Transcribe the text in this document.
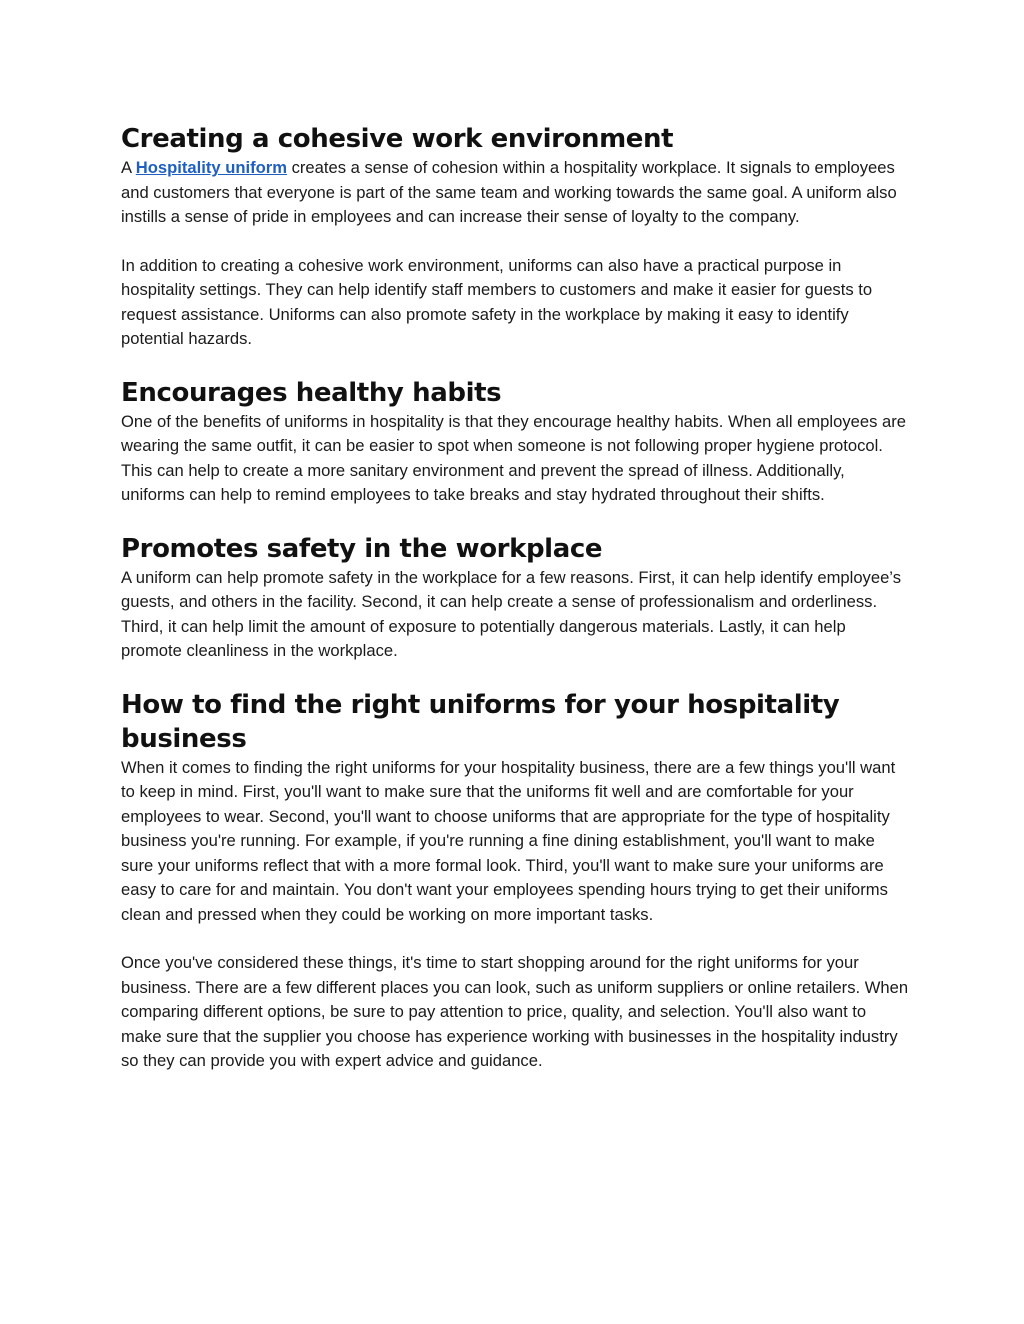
Creating a cohesive work environment

A Hospitality uniform creates a sense of cohesion within a hospitality workplace. It signals to employees and customers that everyone is part of the same team and working towards the same goal. A uniform also instills a sense of pride in employees and can increase their sense of loyalty to the company.

In addition to creating a cohesive work environment, uniforms can also have a practical purpose in hospitality settings. They can help identify staff members to customers and make it easier for guests to request assistance. Uniforms can also promote safety in the workplace by making it easy to identify potential hazards.

Encourages healthy habits

One of the benefits of uniforms in hospitality is that they encourage healthy habits. When all employees are wearing the same outfit, it can be easier to spot when someone is not following proper hygiene protocol. This can help to create a more sanitary environment and prevent the spread of illness. Additionally, uniforms can help to remind employees to take breaks and stay hydrated throughout their shifts.

Promotes safety in the workplace

A uniform can help promote safety in the workplace for a few reasons. First, it can help identify employee’s guests, and others in the facility. Second, it can help create a sense of professionalism and orderliness. Third, it can help limit the amount of exposure to potentially dangerous materials. Lastly, it can help promote cleanliness in the workplace.

How to find the right uniforms for your hospitality business

When it comes to finding the right uniforms for your hospitality business, there are a few things you'll want to keep in mind. First, you'll want to make sure that the uniforms fit well and are comfortable for your employees to wear. Second, you'll want to choose uniforms that are appropriate for the type of hospitality business you're running. For example, if you're running a fine dining establishment, you'll want to make sure your uniforms reflect that with a more formal look. Third, you'll want to make sure your uniforms are easy to care for and maintain. You don't want your employees spending hours trying to get their uniforms clean and pressed when they could be working on more important tasks.

Once you've considered these things, it's time to start shopping around for the right uniforms for your business. There are a few different places you can look, such as uniform suppliers or online retailers. When comparing different options, be sure to pay attention to price, quality, and selection. You'll also want to make sure that the supplier you choose has experience working with businesses in the hospitality industry so they can provide you with expert advice and guidance.
